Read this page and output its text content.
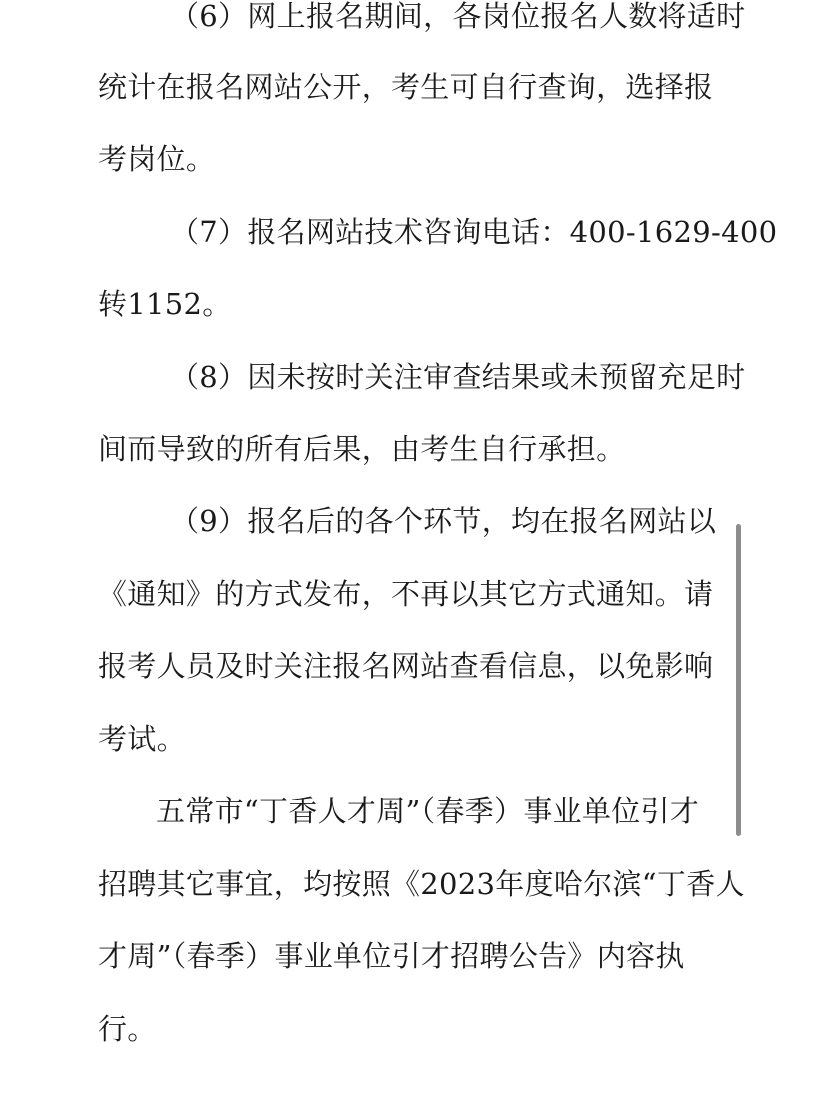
（6）网上报名期间，各岗位报名人数将适时
统计在报名网站公开，考生可自行查询，选择报
考岗位。
（7）报名网站技术咨询电话：400-1629-400
转1152。
（8）因未按时关注审查结果或未预留充足时
间而导致的所有后果，由考生自行承担。
（9）报名后的各个环节，均在报名网站以
《通知》的方式发布，不再以其它方式通知。请
报考人员及时关注报名网站查看信息，以免影响
考试。
五常市“丁香人才周”（春季）事业单位引才
招聘其它事宜，均按照《2023年度哈尔滨“丁香人
才周”（春季）事业单位引才招聘公告》内容执
行。
